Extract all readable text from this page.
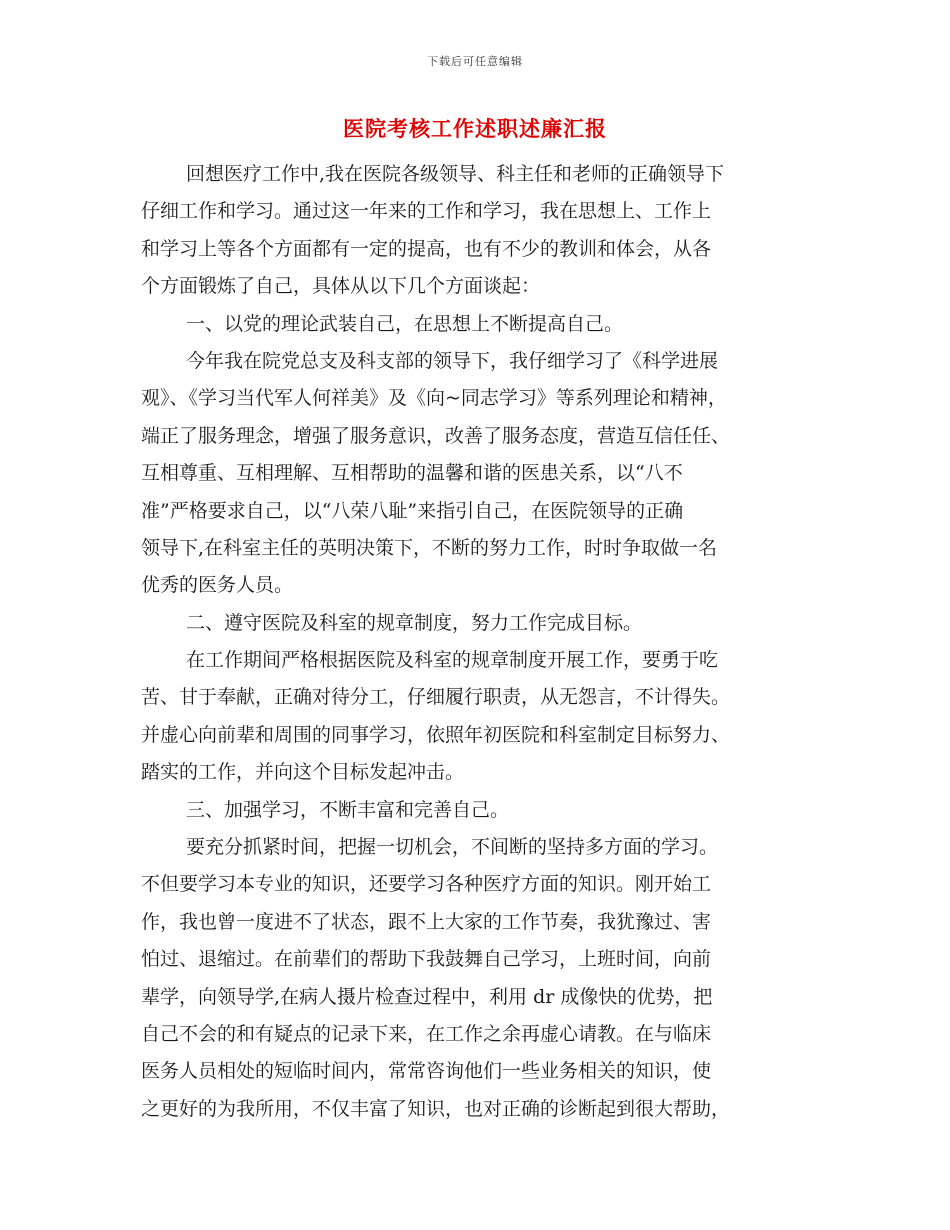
下载后可任意编辑
医院考核工作述职述廉汇报
回想医疗工作中,我在医院各级领导、科主任和老师的正确领导下
仔细工作和学习。通过这一年来的工作和学习，我在思想上、工作上
和学习上等各个方面都有一定的提高，也有不少的教训和体会，从各
个方面锻炼了自己，具体从以下几个方面谈起：
一、以党的理论武装自己，在思想上不断提高自己。
今年我在院党总支及科支部的领导下，我仔细学习了《科学进展
观》、《学习当代军人何祥美》及《向~同志学习》等系列理论和精神，
端正了服务理念，增强了服务意识，改善了服务态度，营造互信任任、
互相尊重、互相理解、互相帮助的温馨和谐的医患关系，以“八不
准”严格要求自己，以“八荣八耻”来指引自己，在医院领导的正确
领导下,在科室主任的英明决策下，不断的努力工作，时时争取做一名
优秀的医务人员。
二、遵守医院及科室的规章制度，努力工作完成目标。
在工作期间严格根据医院及科室的规章制度开展工作，要勇于吃
苦、甘于奉献，正确对待分工，仔细履行职责，从无怨言，不计得失。
并虚心向前辈和周围的同事学习，依照年初医院和科室制定目标努力、
踏实的工作，并向这个目标发起冲击。
三、加强学习，不断丰富和完善自己。
要充分抓紧时间，把握一切机会，不间断的坚持多方面的学习。
不但要学习本专业的知识，还要学习各种医疗方面的知识。刚开始工
作，我也曾一度进不了状态，跟不上大家的工作节奏，我犹豫过、害
怕过、退缩过。在前辈们的帮助下我鼓舞自己学习，上班时间，向前
辈学，向领导学,在病人摄片检查过程中，利用 dr 成像快的优势，把
自己不会的和有疑点的记录下来，在工作之余再虚心请教。在与临床
医务人员相处的短临时间内，常常咨询他们一些业务相关的知识，使
之更好的为我所用，不仅丰富了知识，也对正确的诊断起到很大帮助，
